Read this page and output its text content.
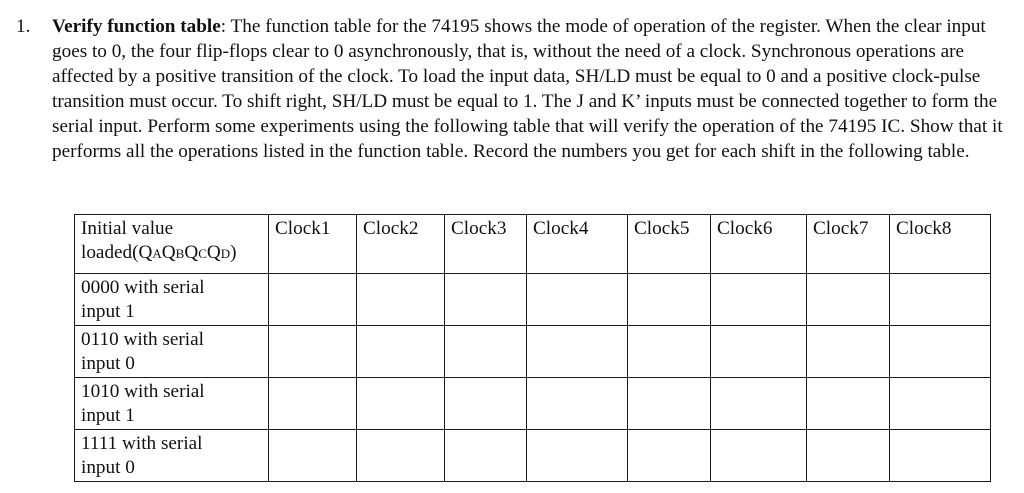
1.	Verify function table: The function table for the 74195 shows the mode of operation of the register. When the clear input goes to 0, the four flip-flops clear to 0 asynchronously, that is, without the need of a clock. Synchronous operations are affected by a positive transition of the clock. To load the input data, SH/LD must be equal to 0 and a positive clock-pulse transition must occur. To shift right, SH/LD must be equal to 1. The J and K’ inputs must be connected together to form the serial input. Perform some experiments using the following table that will verify the operation of the 74195 IC. Show that it performs all the operations listed in the function table. Record the numbers you get for each shift in the following table.
Initial value
loaded(QAQBQCQD)	Clock1	Clock2	Clock3	Clock4	Clock5	Clock6	Clock7	Clock8

0000 with serial
input 1								

0110 with serial
input 0								

1010 with serial
input 1								

1111 with serial
input 0								
